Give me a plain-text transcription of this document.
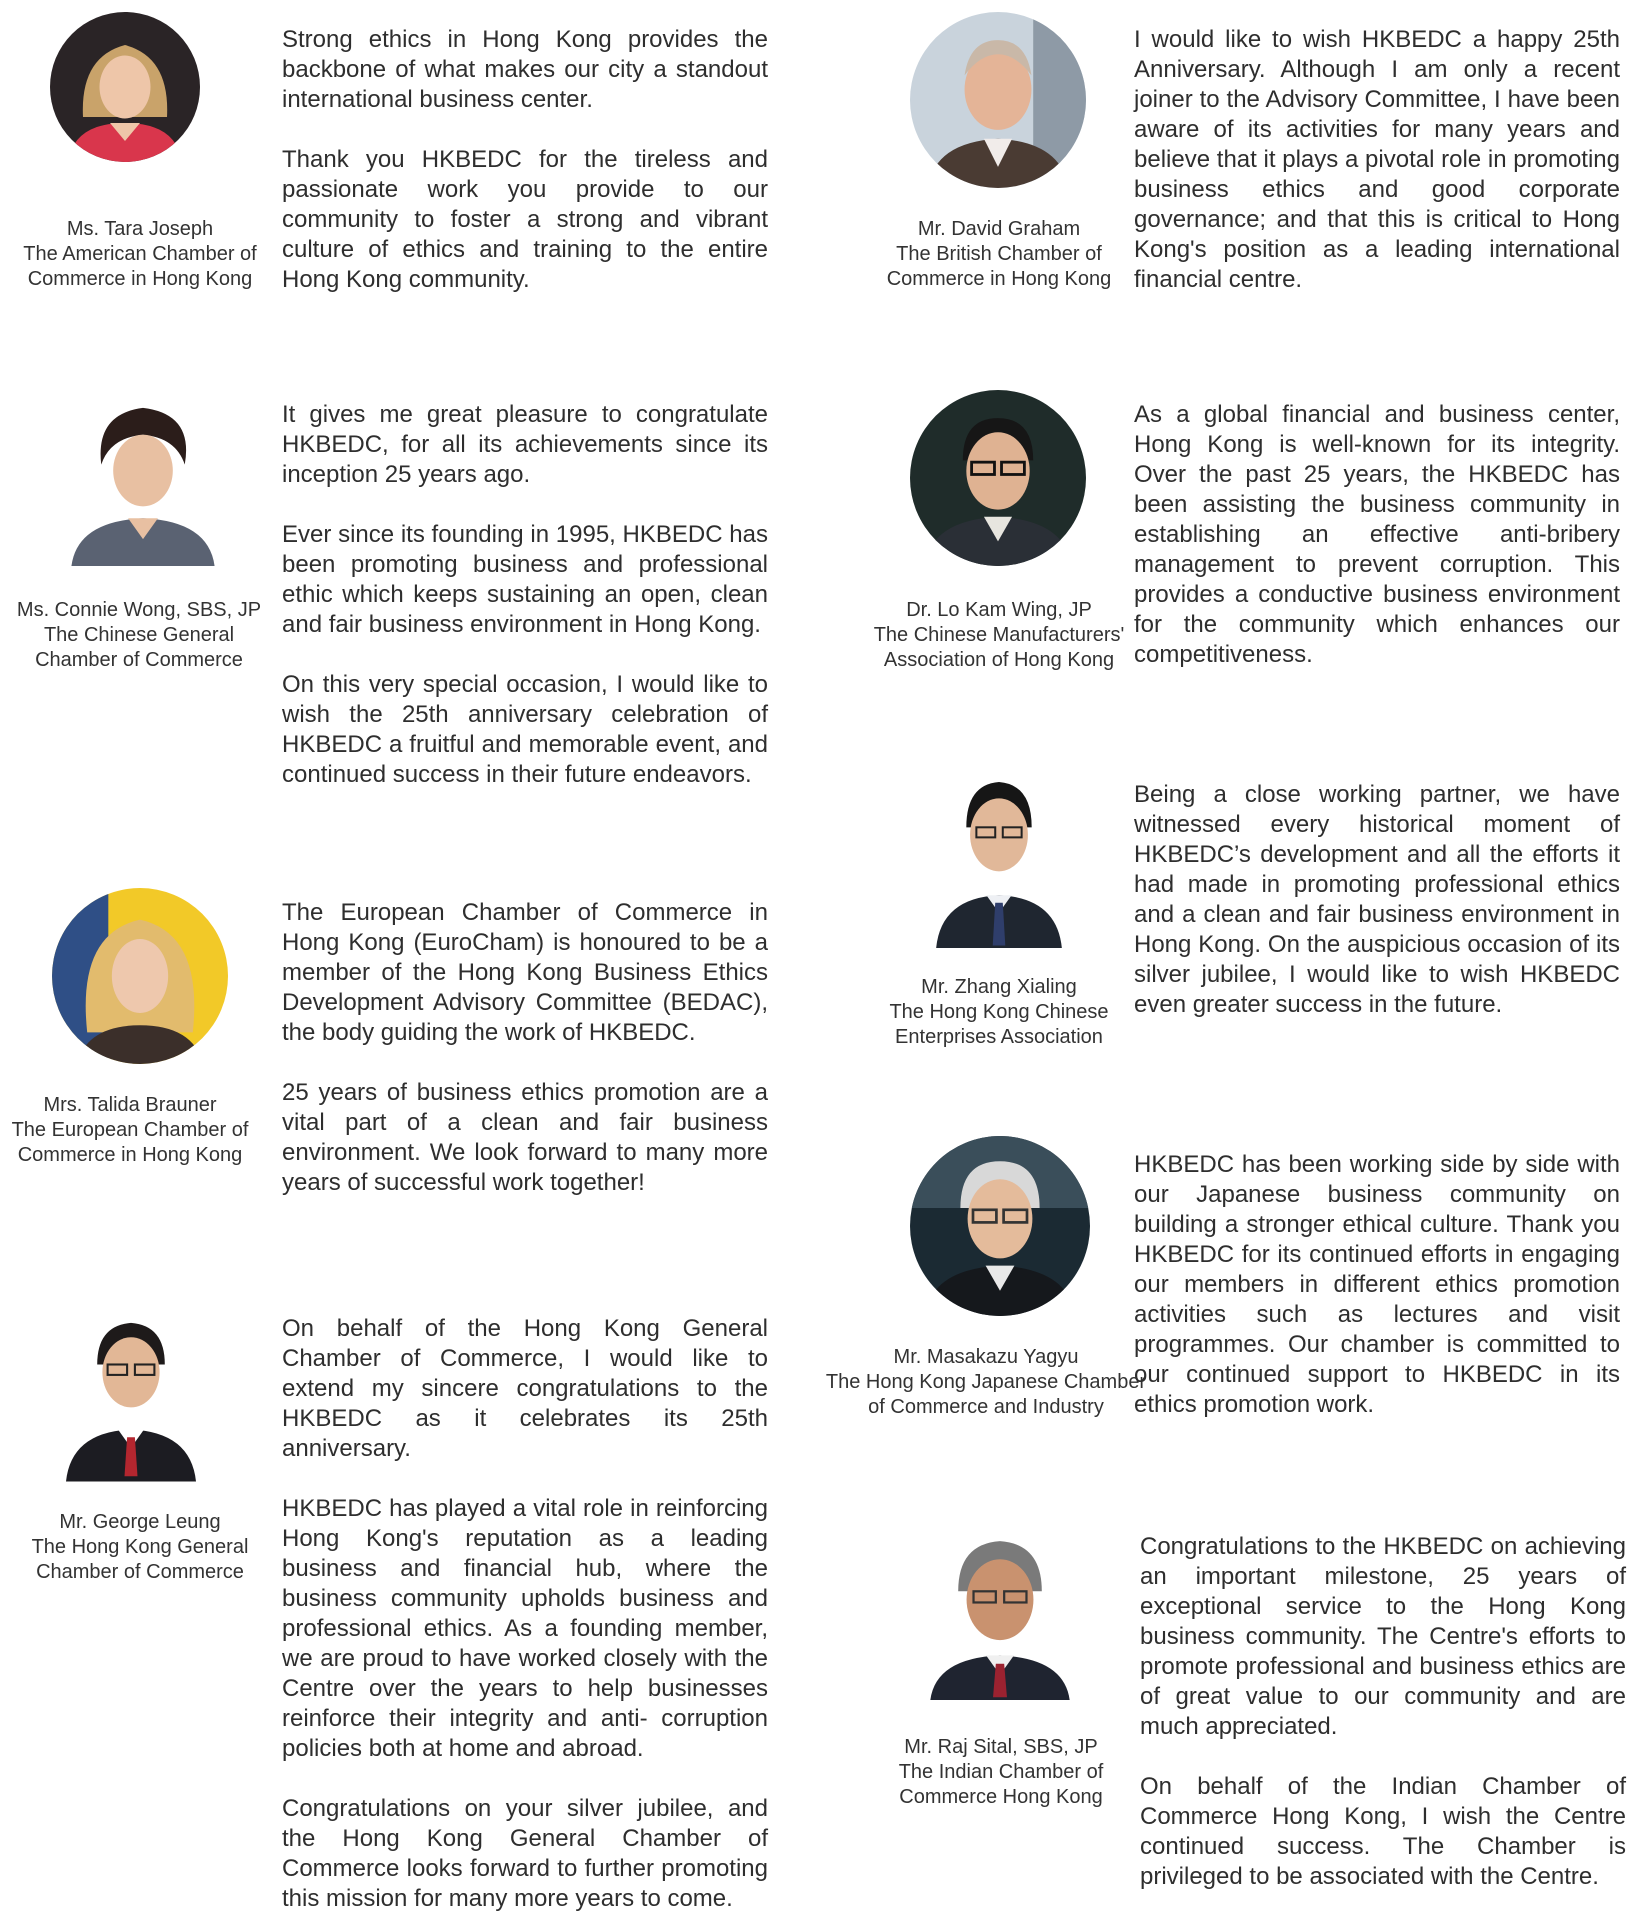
Ms. Tara Joseph
The American Chamber of
Commerce in Hong Kong

Strong ethics in Hong Kong provides the backbone of what makes our city a standout international business center.

Thank you HKBEDC for the tireless and passionate work you provide to our community to foster a strong and vibrant culture of ethics and training to the entire Hong Kong community.

Ms. Connie Wong, SBS, JP
The Chinese General
Chamber of Commerce

It gives me great pleasure to congratulate HKBEDC, for all its achievements since its inception 25 years ago.

Ever since its founding in 1995, HKBEDC has been promoting business and professional ethic which keeps sustaining an open, clean and fair business environment in Hong Kong.

On this very special occasion, I would like to wish the 25th anniversary celebration of HKBEDC a fruitful and memorable event, and continued success in their future endeavors.

Mrs. Talida Brauner
The European Chamber of
Commerce in Hong Kong

The European Chamber of Commerce in Hong Kong (EuroCham) is honoured to be a member of the Hong Kong Business Ethics Development Advisory Committee (BEDAC), the body guiding the work of HKBEDC.

25 years of business ethics promotion are a vital part of a clean and fair business environment. We look forward to many more years of successful work together!

Mr. George Leung
The Hong Kong General
Chamber of Commerce

On behalf of the Hong Kong General Chamber of Commerce, I would like to extend my sincere congratulations to the HKBEDC as it celebrates its 25th anniversary.

HKBEDC has played a vital role in reinforcing Hong Kong's reputation as a leading business and financial hub, where the business community upholds business and professional ethics. As a founding member, we are proud to have worked closely with the Centre over the years to help businesses reinforce their integrity and anti- corruption policies both at home and abroad.

Congratulations on your silver jubilee, and the Hong Kong General Chamber of Commerce looks forward to further promoting this mission for many more years to come.

Mr. David Graham
The British Chamber of
Commerce in Hong Kong

I would like to wish HKBEDC a happy 25th Anniversary. Although I am only a recent joiner to the Advisory Committee, I have been aware of its activities for many years and believe that it plays a pivotal role in promoting business ethics and good corporate governance; and that this is critical to Hong Kong's position as a leading international financial centre.

Dr. Lo Kam Wing, JP
The Chinese Manufacturers'
Association of Hong Kong

As a global financial and business center, Hong Kong is well-known for its integrity. Over the past 25 years, the HKBEDC has been assisting the business community in establishing an effective anti-bribery management to prevent corruption. This provides a conductive business environment for the community which enhances our competitiveness.

Mr. Zhang Xialing
The Hong Kong Chinese
Enterprises Association

Being a close working partner, we have witnessed every historical moment of HKBEDC’s development and all the efforts it had made in promoting professional ethics and a clean and fair business environment in Hong Kong. On the auspicious occasion of its silver jubilee, I would like to wish HKBEDC even greater success in the future.

Mr. Masakazu Yagyu
The Hong Kong Japanese Chamber
of Commerce and Industry

HKBEDC has been working side by side with our Japanese business community on building a stronger ethical culture. Thank you HKBEDC for its continued efforts in engaging our members in different ethics promotion activities such as lectures and visit programmes. Our chamber is committed to our continued support to HKBEDC in its ethics promotion work.

Mr. Raj Sital, SBS, JP
The Indian Chamber of
Commerce Hong Kong

Congratulations to the HKBEDC on achieving an important milestone, 25 years of exceptional service to the Hong Kong business community. The Centre's efforts to promote professional and business ethics are of great value to our community and are much appreciated.

On behalf of the Indian Chamber of Commerce Hong Kong, I wish the Centre continued success. The Chamber is privileged to be associated with the Centre.
